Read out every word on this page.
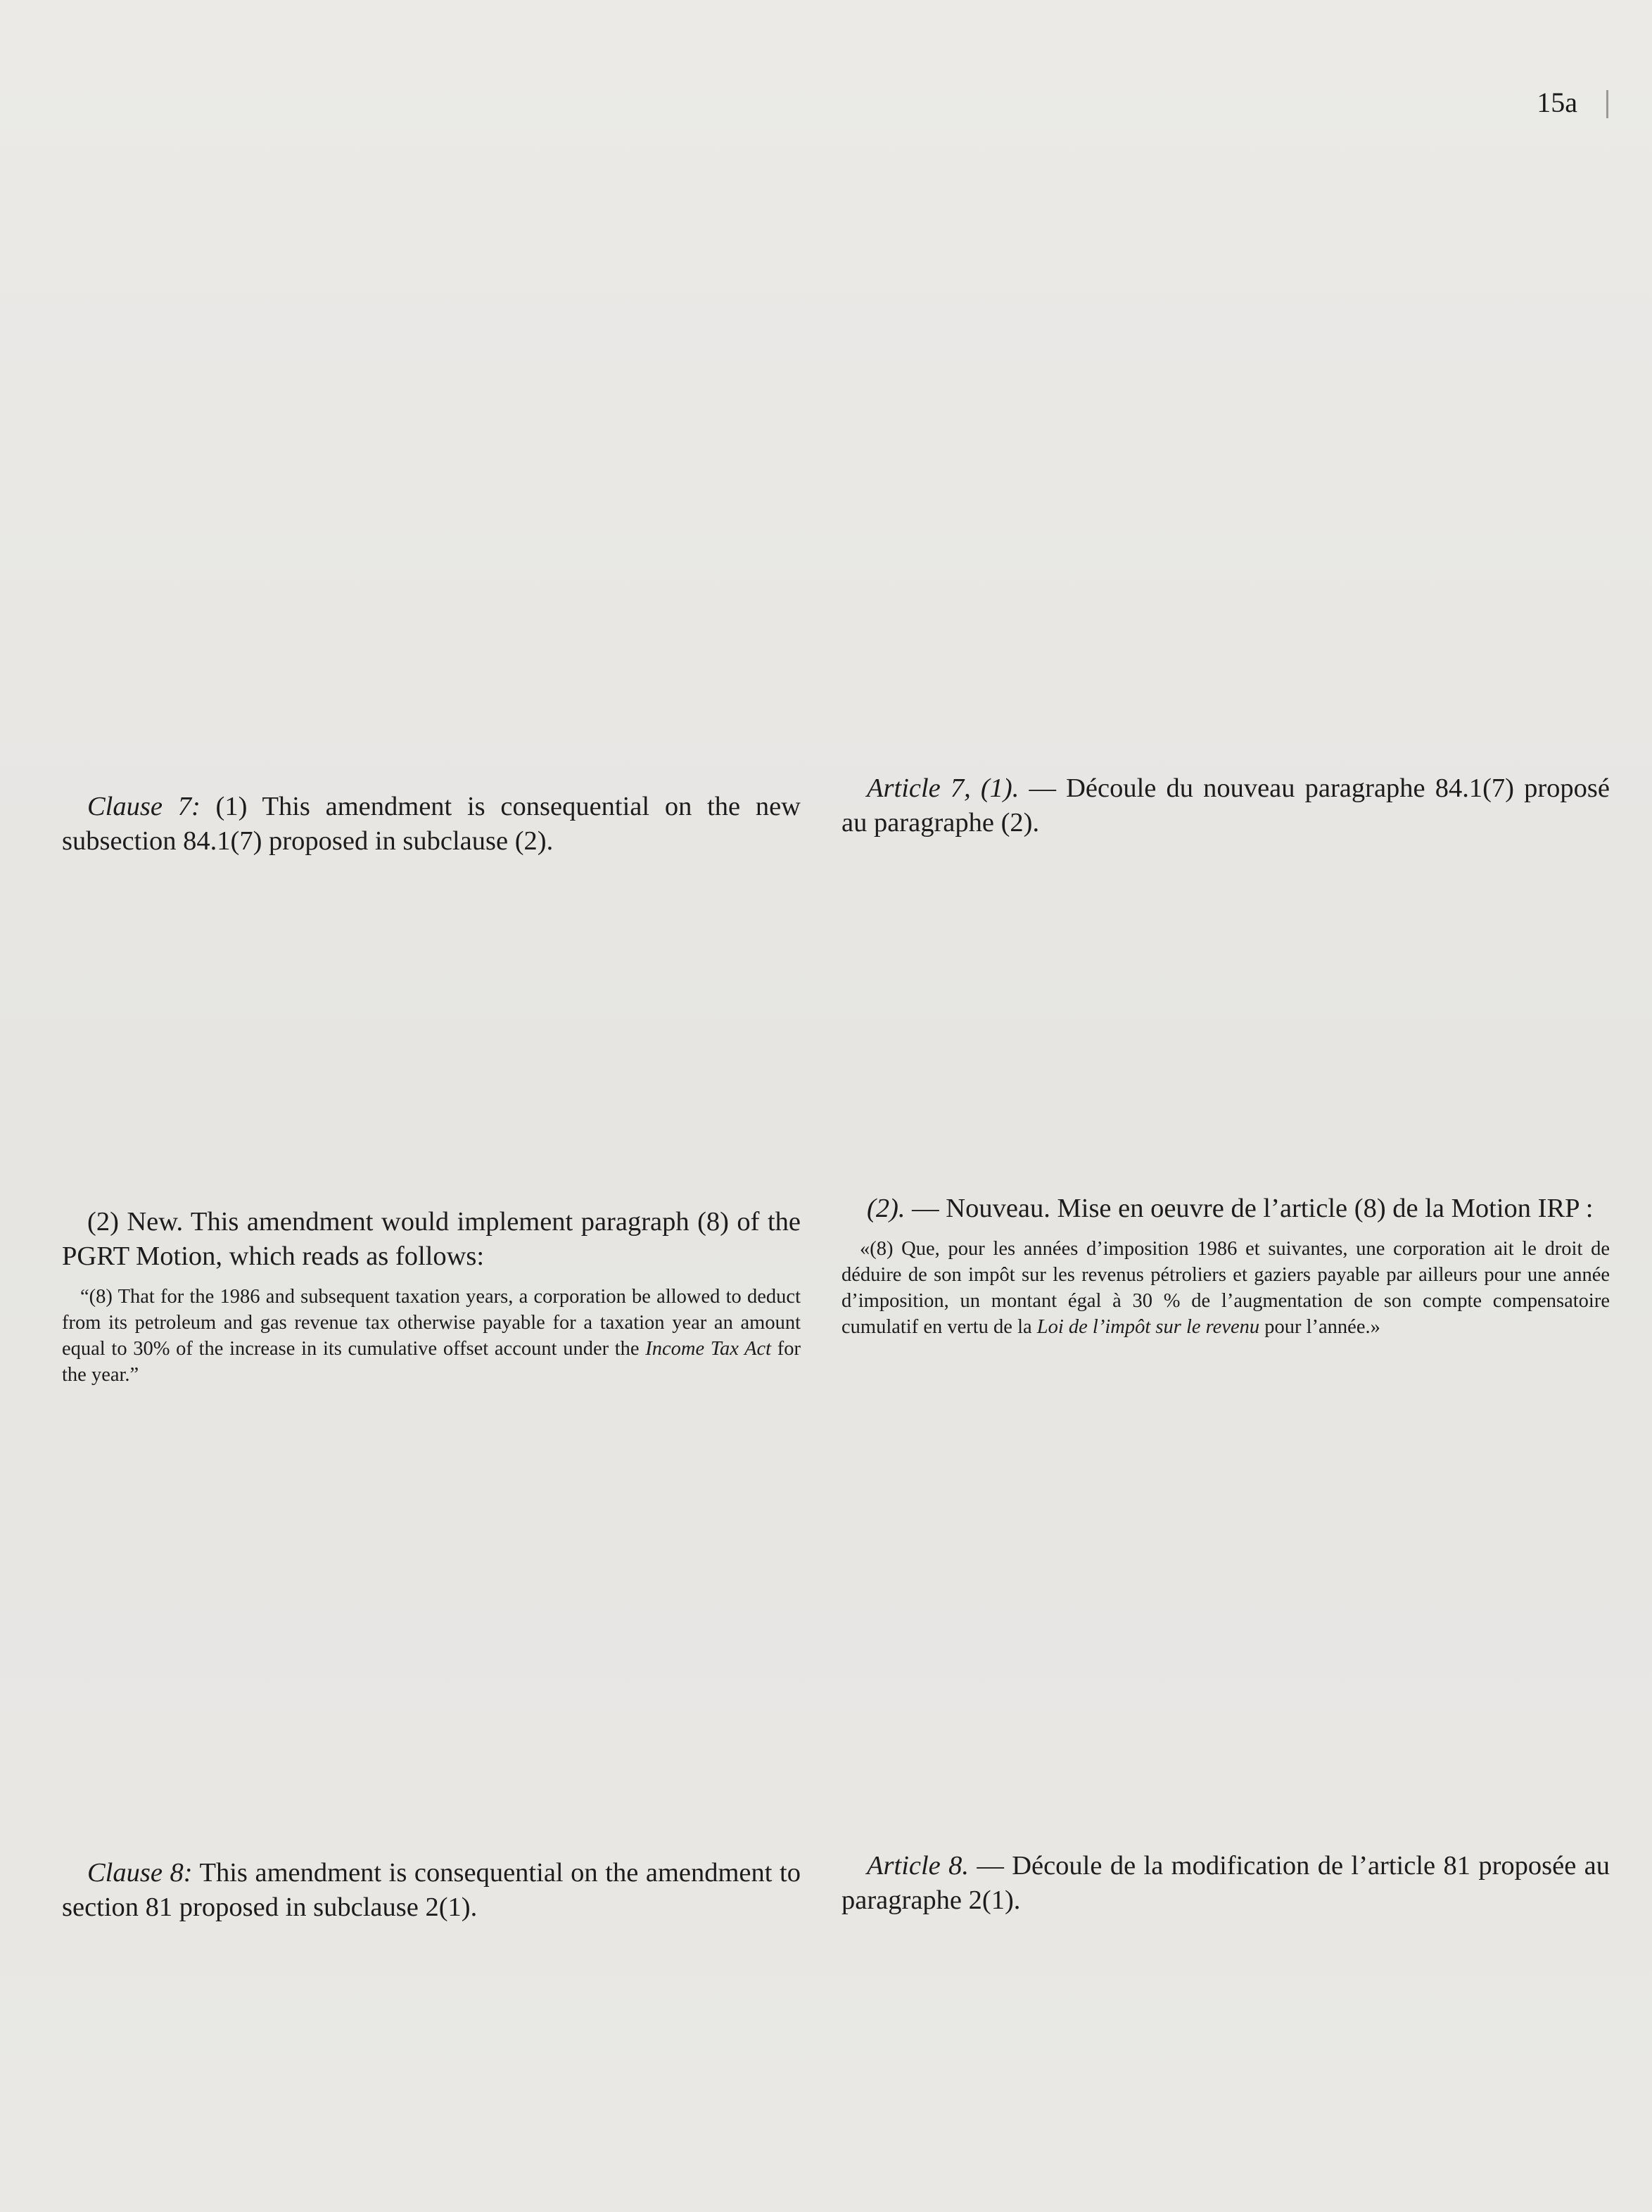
15a

Clause 7: (1) This amendment is consequential on the new subsection 84.1(7) proposed in subclause (2).

Article 7, (1). — Découle du nouveau paragraphe 84.1(7) proposé au paragraphe (2).

(2) New. This amendment would implement paragraph (8) of the PGRT Motion, which reads as follows:

“(8) That for the 1986 and subsequent taxation years, a corporation be allowed to deduct from its petroleum and gas revenue tax otherwise payable for a taxation year an amount equal to 30% of the increase in its cumulative offset account under the Income Tax Act for the year.”

(2). — Nouveau. Mise en oeuvre de l’article (8) de la Motion IRP :

«(8) Que, pour les années d’imposition 1986 et suivantes, une corporation ait le droit de déduire de son impôt sur les revenus pétroliers et gaziers payable par ailleurs pour une année d’imposition, un montant égal à 30 % de l’augmentation de son compte compensatoire cumulatif en vertu de la Loi de l’impôt sur le revenu pour l’année.»

Clause 8: This amendment is consequential on the amendment to section 81 proposed in subclause 2(1).

Article 8. — Découle de la modification de l’article 81 proposée au paragraphe 2(1).
